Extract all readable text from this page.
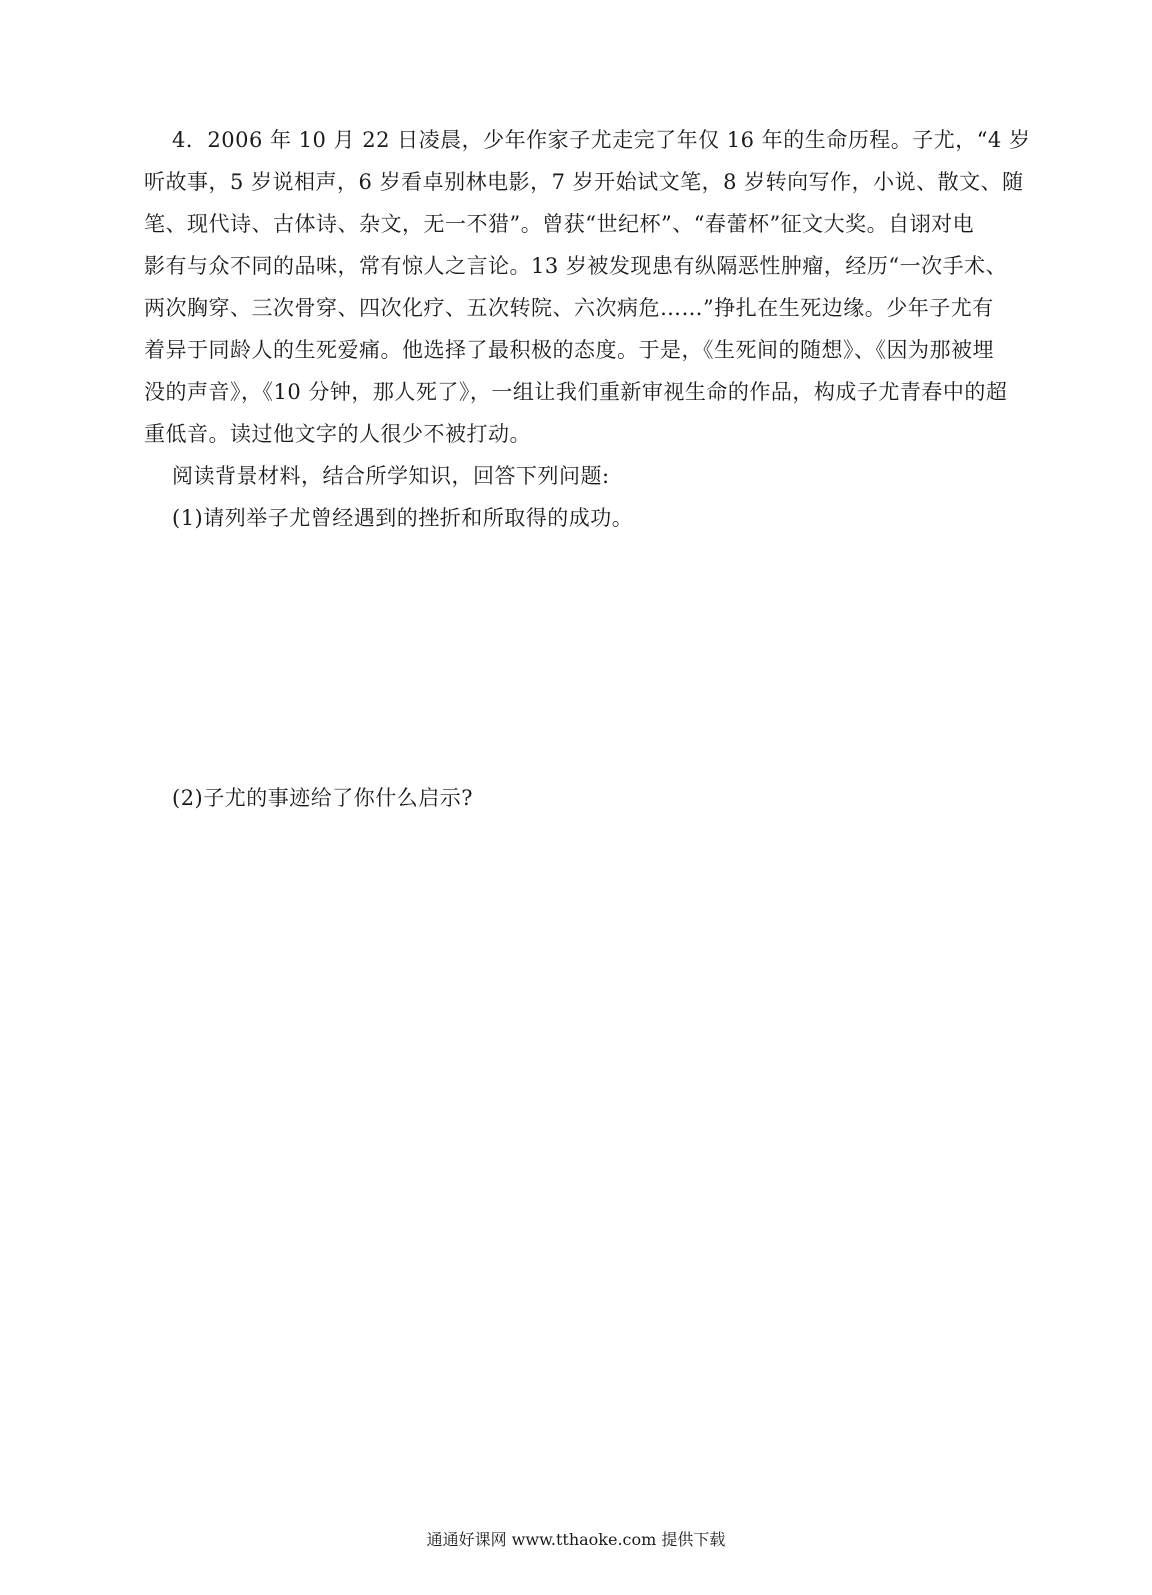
4．2006 年 10 月 22 日凌晨，少年作家子尤走完了年仅 16 年的生命历程。子尤，“4 岁
听故事，5 岁说相声，6 岁看卓别林电影，7 岁开始试文笔，8 岁转向写作，小说、散文、随
笔、现代诗、古体诗、杂文，无一不猎”。曾获“世纪杯”、“春蕾杯”征文大奖。自诩对电
影有与众不同的品味，常有惊人之言论。13 岁被发现患有纵隔恶性肿瘤，经历“一次手术、
两次胸穿、三次骨穿、四次化疗、五次转院、六次病危……”挣扎在生死边缘。少年子尤有
着异于同龄人的生死爱痛。他选择了最积极的态度。于是，《生死间的随想》、《因为那被埋
没的声音》，《10 分钟，那人死了》，一组让我们重新审视生命的作品，构成子尤青春中的超
重低音。读过他文字的人很少不被打动。
阅读背景材料，结合所学知识，回答下列问题:
(1)请列举子尤曾经遇到的挫折和所取得的成功。
(2)子尤的事迹给了你什么启示?
通通好课网 www.tthaoke.com 提供下载
